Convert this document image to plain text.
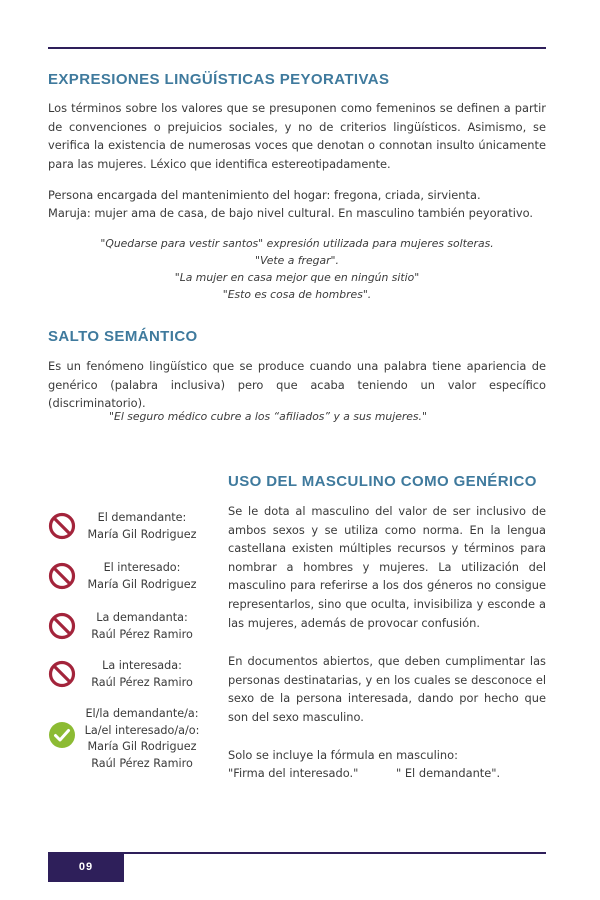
EXPRESIONES LINGÜÍSTICAS PEYORATIVAS

Los términos sobre los valores que se presuponen como femeninos se definen a partir de convenciones o prejuicios sociales, y no de criterios lingüísticos. Asimismo, se verifica la existencia de numerosas voces que denotan o connotan insulto únicamente para las mujeres. Léxico que identifica estereotipadamente.

Persona encargada del mantenimiento del hogar: fregona, criada, sirvienta.

Maruja: mujer ama de casa, de bajo nivel cultural. En masculino también peyorativo.

"Quedarse para vestir santos" expresión utilizada para mujeres solteras.

"Vete a fregar".

"La mujer en casa mejor que en ningún sitio"

"Esto es cosa de hombres".

SALTO SEMÁNTICO

Es un fenómeno lingüístico que se produce cuando una palabra tiene apariencia de genérico (palabra inclusiva) pero que acaba teniendo un valor específico (discriminatorio).

"El seguro médico cubre a los “afiliados” y a sus mujeres."

USO DEL MASCULINO COMO GENÉRICO

Se le dota al masculino del valor de ser inclusivo de ambos sexos y se utiliza como norma. En la lengua castellana existen múltiples recursos y términos para nombrar a hombres y mujeres. La utilización del masculino para referirse a los dos géneros no consigue representarlos, sino que oculta, invisibiliza y esconde a las mujeres, además de provocar confusión.

En documentos abiertos, que deben cumplimentar las personas destinatarias, y en los cuales se desconoce el sexo de la persona interesada, dando por hecho que son del sexo masculino.

Solo se incluye la fórmula en masculino:

"Firma del interesado."	" El demandante".

El demandante:
María Gil Rodriguez
El interesado:
María Gil Rodriguez
La demandanta:
Raúl Pérez Ramiro
La interesada:
Raúl Pérez Ramiro
El/la demandante/a:
La/el interesado/a/o:
María Gil Rodriguez
Raúl Pérez Ramiro
09
